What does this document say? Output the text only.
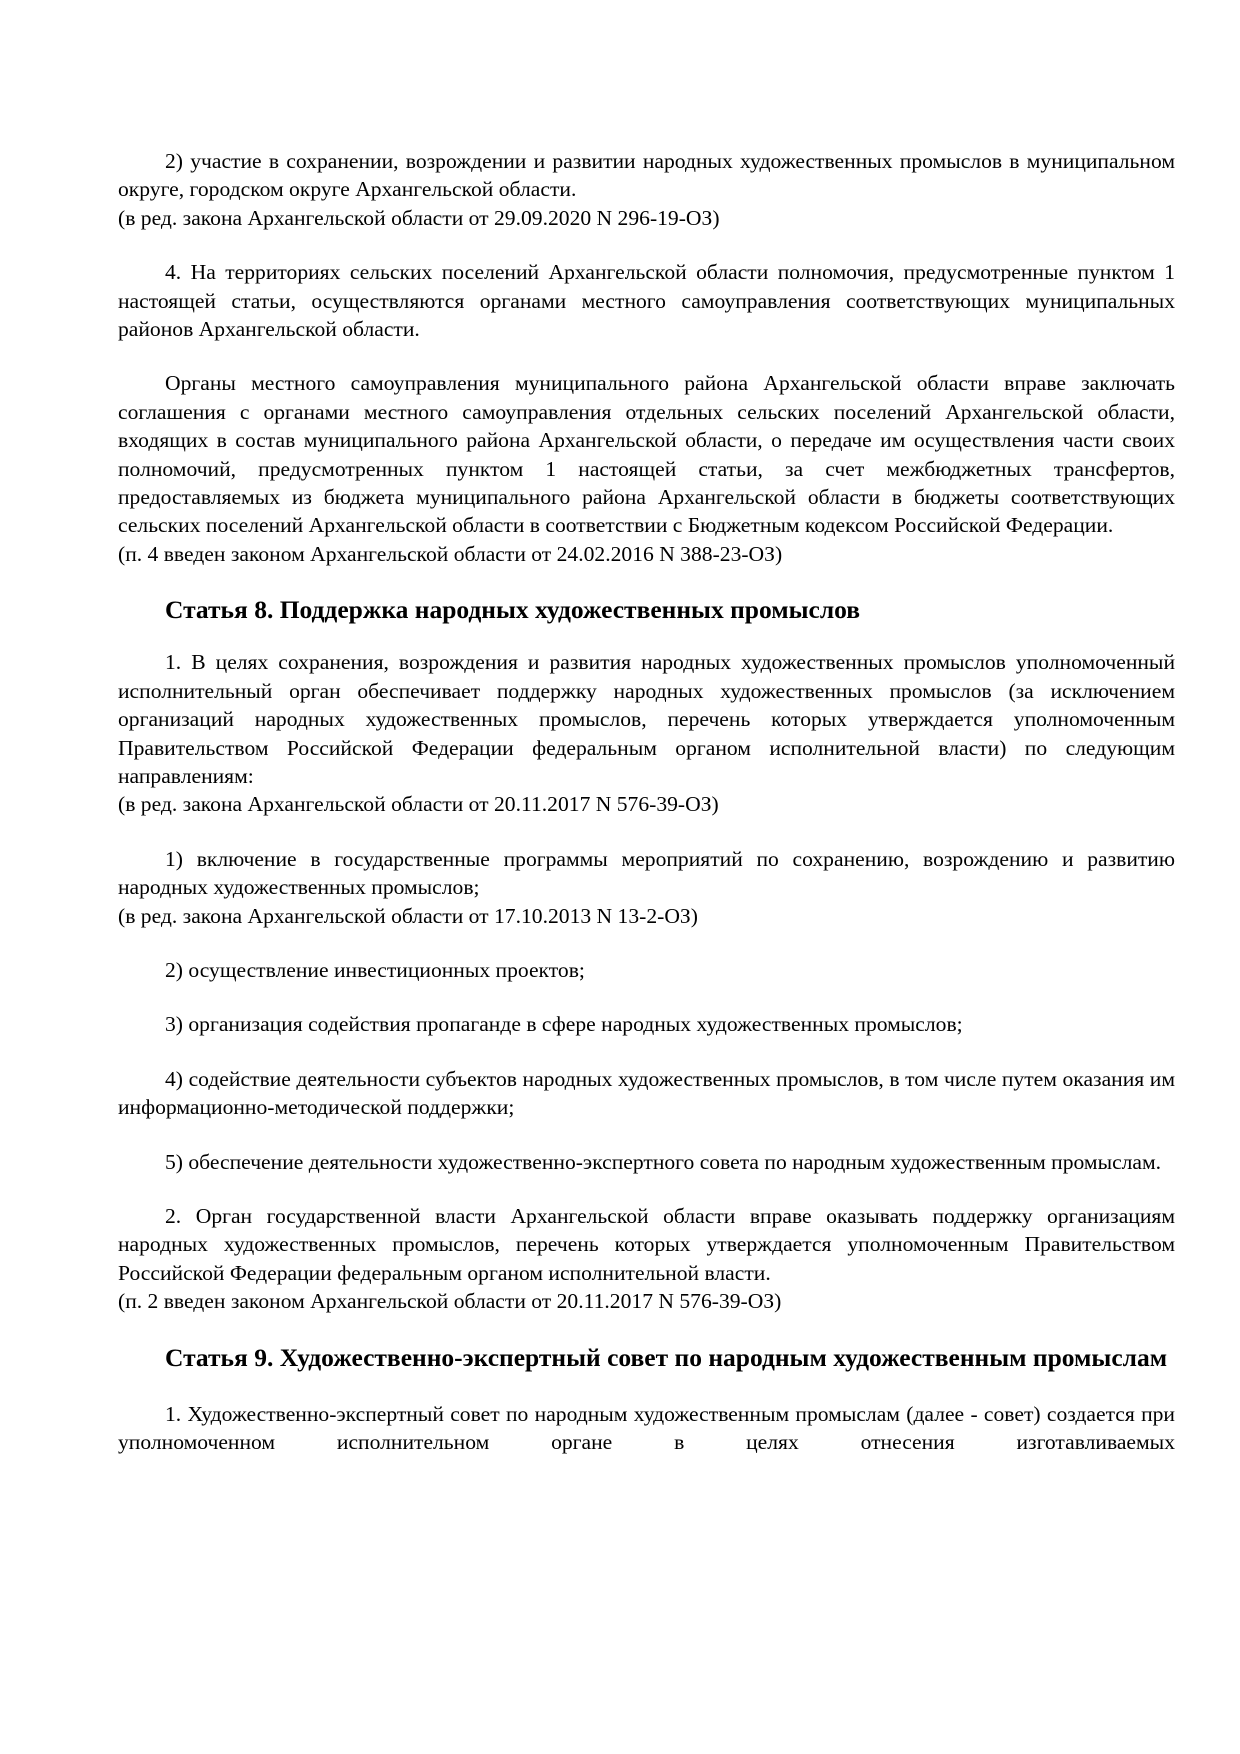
2) участие в сохранении, возрождении и развитии народных художественных промыслов в муниципальном округе, городском округе Архангельской области.

(в ред. закона Архангельской области от 29.09.2020 N 296-19-ОЗ)

4. На территориях сельских поселений Архангельской области полномочия, предусмотренные пунктом 1 настоящей статьи, осуществляются органами местного самоуправления соответствующих муниципальных районов Архангельской области.

Органы местного самоуправления муниципального района Архангельской области вправе заключать соглашения с органами местного самоуправления отдельных сельских поселений Архангельской области, входящих в состав муниципального района Архангельской области, о передаче им осуществления части своих полномочий, предусмотренных пунктом 1 настоящей статьи, за счет межбюджетных трансфертов, предоставляемых из бюджета муниципального района Архангельской области в бюджеты соответствующих сельских поселений Архангельской области в соответствии с Бюджетным кодексом Российской Федерации.

(п. 4 введен законом Архангельской области от 24.02.2016 N 388-23-ОЗ)

Статья 8. Поддержка народных художественных промыслов

1. В целях сохранения, возрождения и развития народных художественных промыслов уполномоченный исполнительный орган обеспечивает поддержку народных художественных промыслов (за исключением организаций народных художественных промыслов, перечень которых утверждается уполномоченным Правительством Российской Федерации федеральным органом исполнительной власти) по следующим направлениям:

(в ред. закона Архангельской области от 20.11.2017 N 576-39-ОЗ)

1) включение в государственные программы мероприятий по сохранению, возрождению и развитию народных художественных промыслов;

(в ред. закона Архангельской области от 17.10.2013 N 13-2-ОЗ)

2) осуществление инвестиционных проектов;

3) организация содействия пропаганде в сфере народных художественных промыслов;

4) содействие деятельности субъектов народных художественных промыслов, в том числе путем оказания им информационно-методической поддержки;

5) обеспечение деятельности художественно-экспертного совета по народным художественным промыслам.

2. Орган государственной власти Архангельской области вправе оказывать поддержку организациям народных художественных промыслов, перечень которых утверждается уполномоченным Правительством Российской Федерации федеральным органом исполнительной власти.

(п. 2 введен законом Архангельской области от 20.11.2017 N 576-39-ОЗ)

Статья 9. Художественно-экспертный совет по народным художественным промыслам

1. Художественно-экспертный совет по народным художественным промыслам (далее - совет) создается при уполномоченном исполнительном органе в целях отнесения изготавливаемых
